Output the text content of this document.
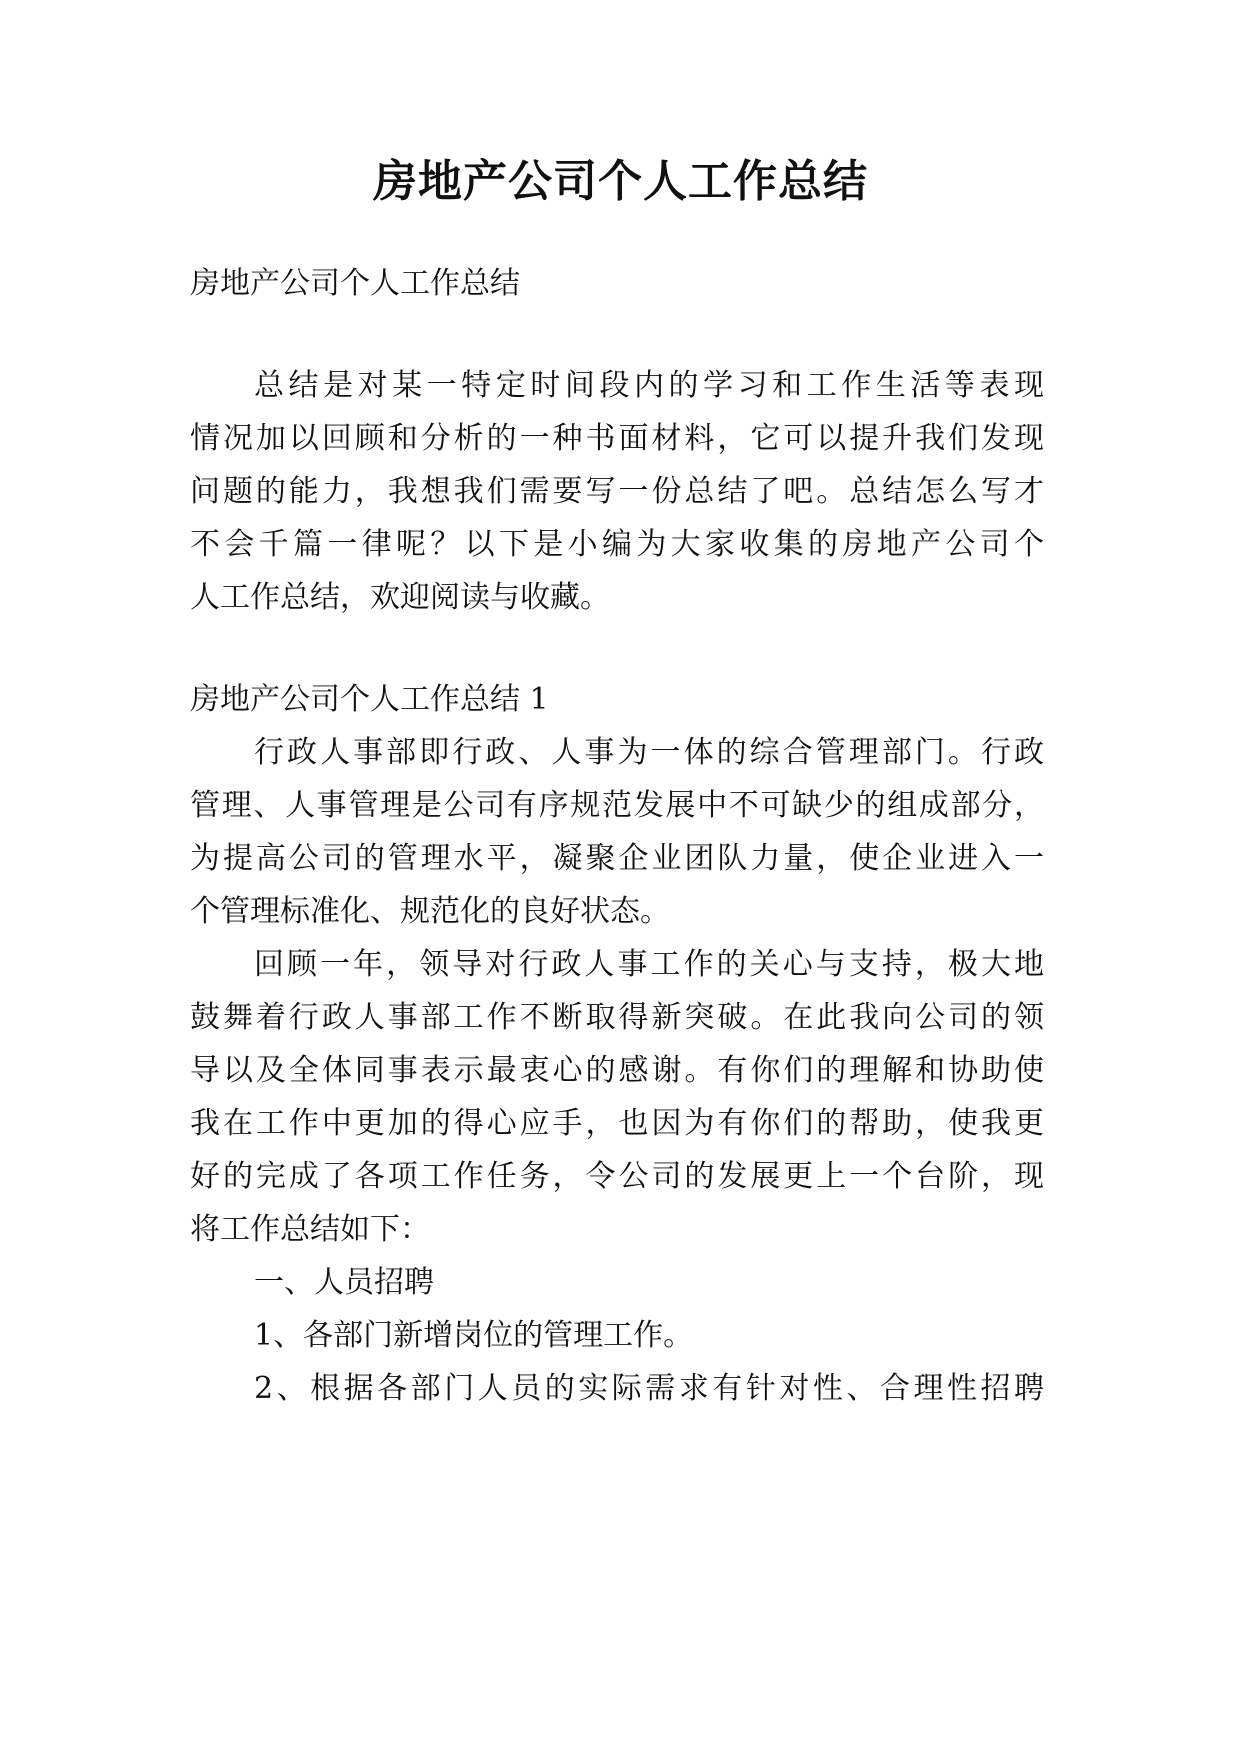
房地产公司个人工作总结

房地产公司个人工作总结

总结是对某一特定时间段内的学习和工作生活等表现

情况加以回顾和分析的一种书面材料，它可以提升我们发现

问题的能力，我想我们需要写一份总结了吧。总结怎么写才

不会千篇一律呢？以下是小编为大家收集的房地产公司个

人工作总结，欢迎阅读与收藏。

房地产公司个人工作总结 1

行政人事部即行政、人事为一体的综合管理部门。行政

管理、人事管理是公司有序规范发展中不可缺少的组成部分，

为提高公司的管理水平，凝聚企业团队力量，使企业进入一

个管理标准化、规范化的良好状态。

回顾一年，领导对行政人事工作的关心与支持，极大地

鼓舞着行政人事部工作不断取得新突破。在此我向公司的领

导以及全体同事表示最衷心的感谢。有你们的理解和协助使

我在工作中更加的得心应手，也因为有你们的帮助，使我更

好的完成了各项工作任务，令公司的发展更上一个台阶，现

将工作总结如下：

一、人员招聘

1、各部门新增岗位的管理工作。

2、根据各部门人员的实际需求有针对性、合理性招聘
